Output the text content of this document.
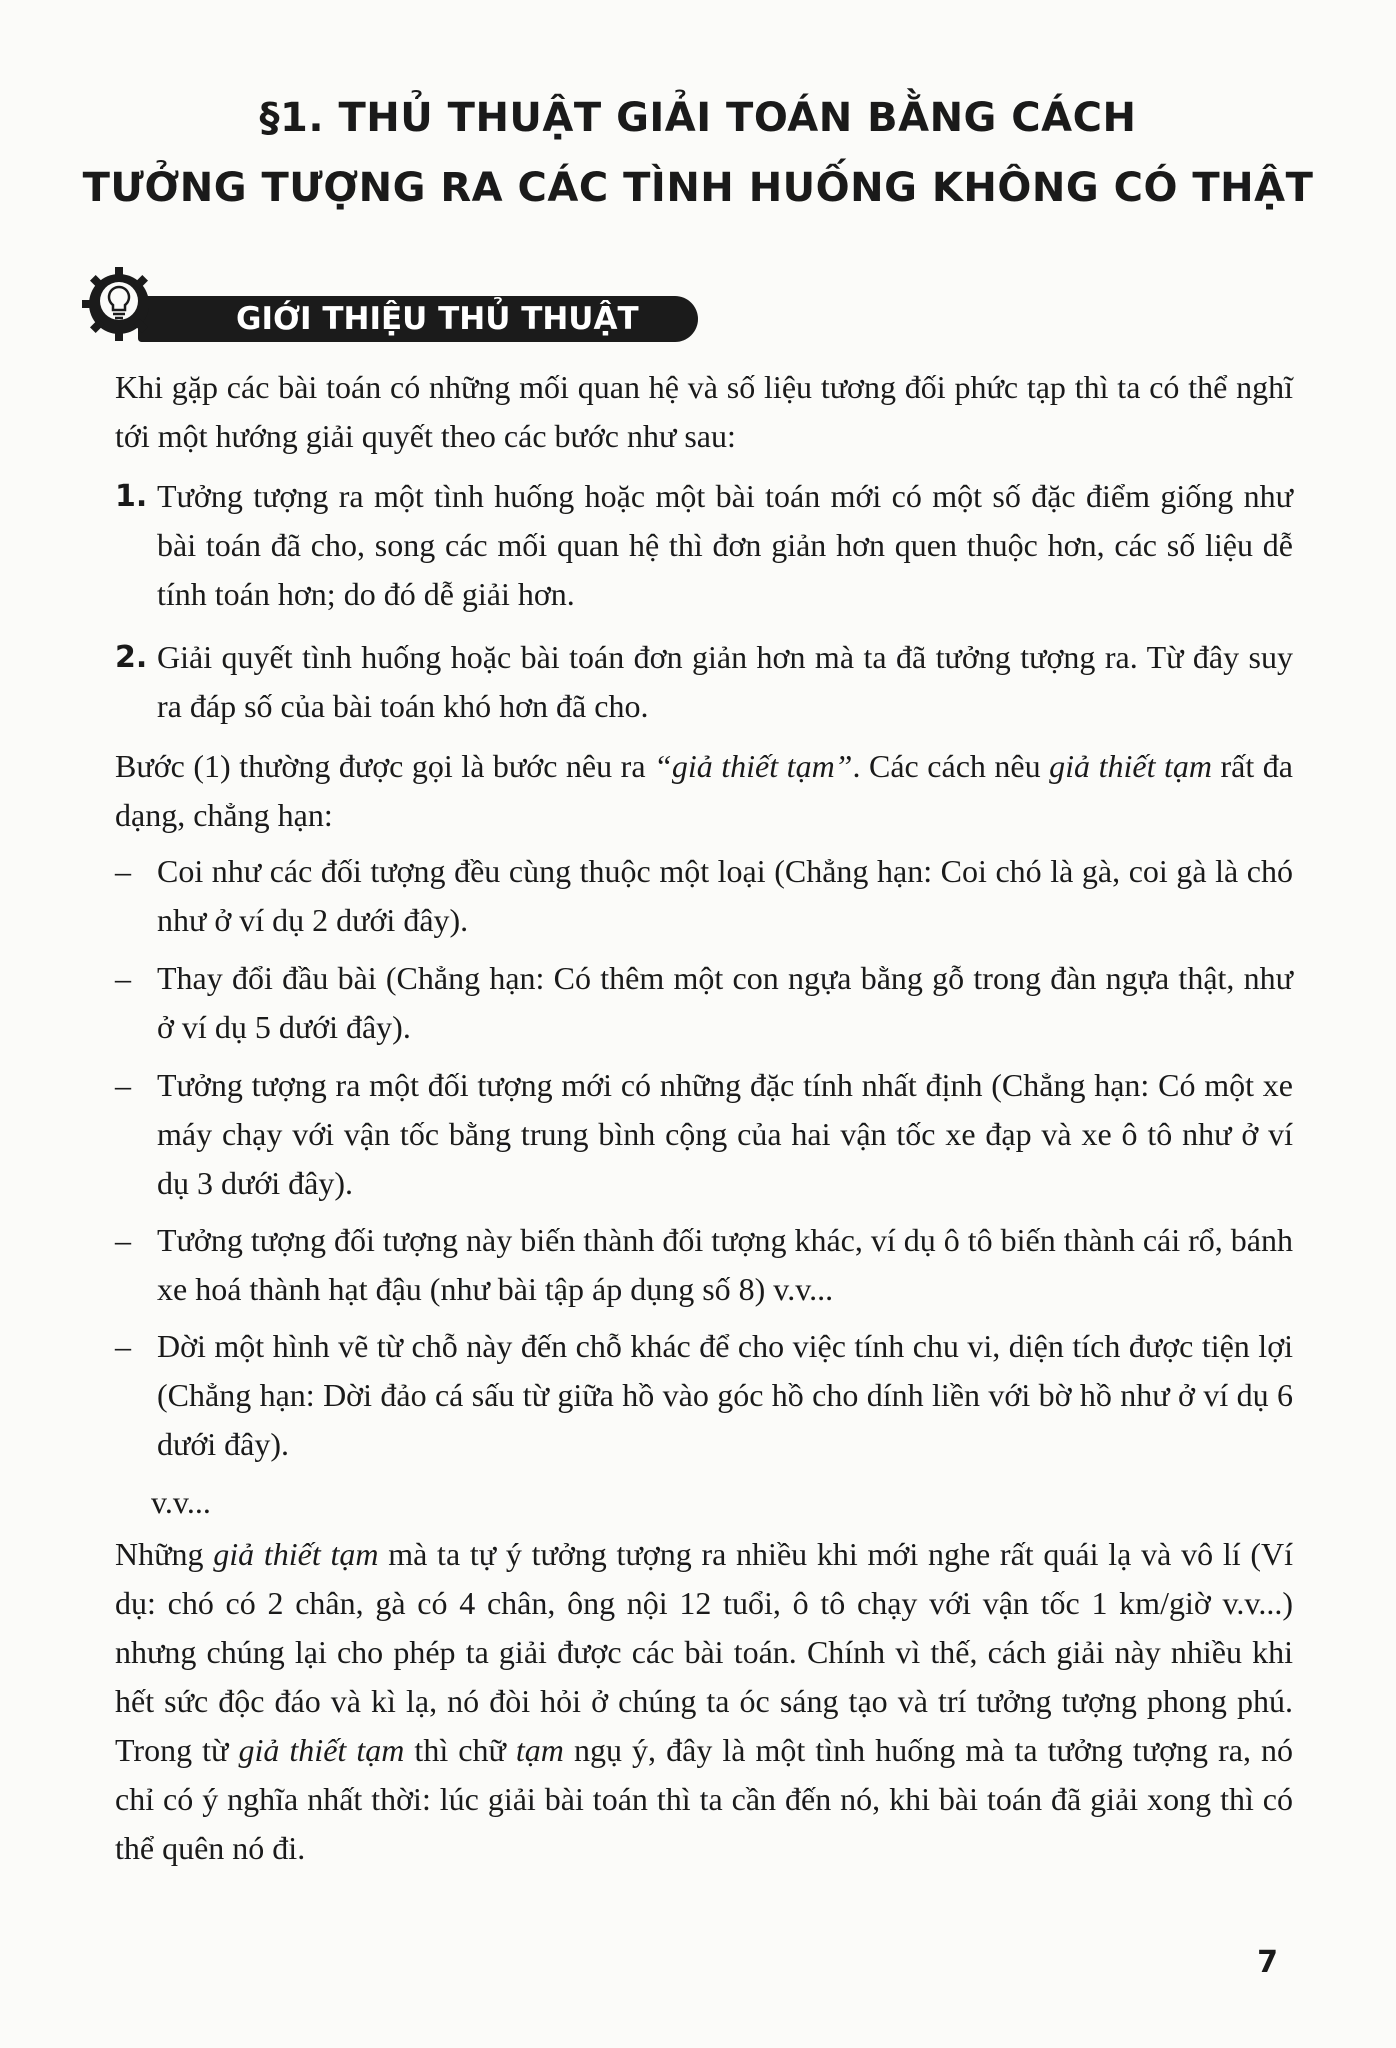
§1. THỦ THUẬT GIẢI TOÁN BẰNG CÁCH
TƯỞNG TƯỢNG RA CÁC TÌNH HUỐNG KHÔNG CÓ THẬT
GIỚI THIỆU THỦ THUẬT

Khi gặp các bài toán có những mối quan hệ và số liệu tương đối phức tạp thì ta có thể nghĩ tới một hướng giải quyết theo các bước như sau:

1. Tưởng tượng ra một tình huống hoặc một bài toán mới có một số đặc điểm giống như bài toán đã cho, song các mối quan hệ thì đơn giản hơn quen thuộc hơn, các số liệu dễ tính toán hơn; do đó dễ giải hơn.
2. Giải quyết tình huống hoặc bài toán đơn giản hơn mà ta đã tưởng tượng ra. Từ đây suy ra đáp số của bài toán khó hơn đã cho.

Bước (1) thường được gọi là bước nêu ra “giả thiết tạm”. Các cách nêu giả thiết tạm rất đa dạng, chẳng hạn:

– Coi như các đối tượng đều cùng thuộc một loại (Chẳng hạn: Coi chó là gà, coi gà là chó như ở ví dụ 2 dưới đây).
– Thay đổi đầu bài (Chẳng hạn: Có thêm một con ngựa bằng gỗ trong đàn ngựa thật, như ở ví dụ 5 dưới đây).
– Tưởng tượng ra một đối tượng mới có những đặc tính nhất định (Chẳng hạn: Có một xe máy chạy với vận tốc bằng trung bình cộng của hai vận tốc xe đạp và xe ô tô như ở ví dụ 3 dưới đây).
– Tưởng tượng đối tượng này biến thành đối tượng khác, ví dụ ô tô biến thành cái rổ, bánh xe hoá thành hạt đậu (như bài tập áp dụng số 8) v.v...
– Dời một hình vẽ từ chỗ này đến chỗ khác để cho việc tính chu vi, diện tích được tiện lợi (Chẳng hạn: Dời đảo cá sấu từ giữa hồ vào góc hồ cho dính liền với bờ hồ như ở ví dụ 6 dưới đây).

v.v...

Những giả thiết tạm mà ta tự ý tưởng tượng ra nhiều khi mới nghe rất quái lạ và vô lí (Ví dụ: chó có 2 chân, gà có 4 chân, ông nội 12 tuổi, ô tô chạy với vận tốc 1 km/giờ v.v...) nhưng chúng lại cho phép ta giải được các bài toán. Chính vì thế, cách giải này nhiều khi hết sức độc đáo và kì lạ, nó đòi hỏi ở chúng ta óc sáng tạo và trí tưởng tượng phong phú. Trong từ giả thiết tạm thì chữ tạm ngụ ý, đây là một tình huống mà ta tưởng tượng ra, nó chỉ có ý nghĩa nhất thời: lúc giải bài toán thì ta cần đến nó, khi bài toán đã giải xong thì có thể quên nó đi.

7
